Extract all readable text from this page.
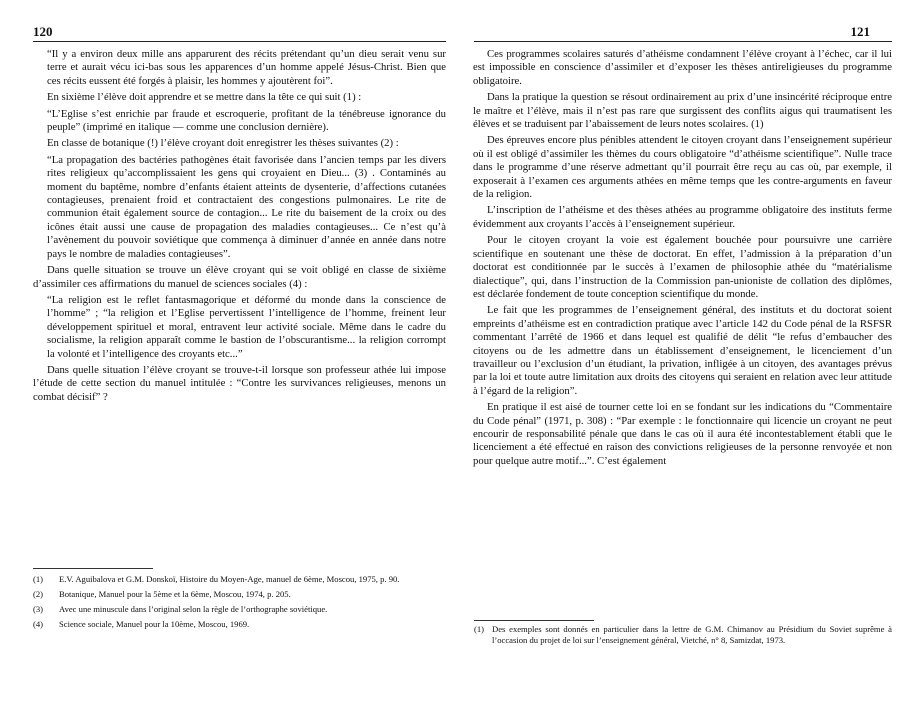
120

“Il y a environ deux mille ans apparurent des récits prétendant qu’un dieu serait venu sur terre et aurait vécu ici-bas sous les apparences d’un homme appelé Jésus-Christ. Bien que ces récits eussent été forgés à plaisir, les hommes y ajoutèrent foi”.

En sixième l’élève doit apprendre et se mettre dans la tête ce qui suit (1) :

“L’Eglise s’est enrichie par fraude et escroquerie, profitant de la ténébreuse ignorance du peuple” (imprimé en italique — comme une conclusion dernière).

En classe de botanique (!) l’élève croyant doit enregistrer les thèses suivantes (2) :

“La propagation des bactéries pathogènes était favorisée dans l’ancien temps par les divers rites religieux qu’accomplissaient les gens qui croyaient en Dieu... (3) . Contaminés au moment du baptême, nombre d’enfants étaient atteints de dysenterie, d’affections cutanées contagieuses, prenaient froid et contractaient des congestions pulmonaires. Le rite de communion était également source de contagion... Le rite du baisement de la croix ou des icônes était aussi une cause de propagation des maladies contagieuses... Ce n’est qu’à l’avènement du pouvoir soviétique que commença à diminuer d’année en année dans notre pays le nombre de maladies contagieuses”.

Dans quelle situation se trouve un élève croyant qui se voit obligé en classe de sixième d’assimiler ces affirmations du manuel de sciences sociales (4) :

“La religion est le reflet fantasmagorique et déformé du monde dans la conscience de l’homme” ; “la religion et l’Eglise pervertissent l’intelligence de l’homme, freinent leur développement spirituel et moral, entravent leur activité sociale. Même dans le cadre du socialisme, la religion apparaît comme le bastion de l’obscurantisme... la religion corrompt la volonté et l’intelligence des croyants etc...”

Dans quelle situation l’élève croyant se trouve-t-il lorsque son professeur athée lui impose l’étude de cette section du manuel intitulée : “Contre les survivances religieuses, menons un combat décisif” ?

(1)	E.V. Aguibalova et G.M. Donskoï, Histoire du Moyen-Age, manuel de 6ème, Moscou, 1975, p. 90.
(2)	Botanique, Manuel pour la 5ème et la 6ème, Moscou, 1974, p. 205.
(3)	Avec une minuscule dans l’original selon la règle de l’orthographe soviétique.
(4)	Science sociale, Manuel pour la 10ème, Moscou, 1969.
121

Ces programmes scolaires saturés d’athéisme condamnent l’élève croyant à l’échec, car il lui est impossible en conscience d’assimiler et d’exposer les thèses antireligieuses du programme obligatoire.

Dans la pratique la question se résout ordinairement au prix d’une insincérité réciproque entre le maître et l’élève, mais il n’est pas rare que surgissent des conflits aigus qui traumatisent les élèves et se traduisent par l’abaissement de leurs notes scolaires. (1)

Des épreuves encore plus pénibles attendent le citoyen croyant dans l’enseignement supérieur où il est obligé d’assimiler les thèmes du cours obligatoire “d’athéisme scientifique”. Nulle trace dans le programme d’une réserve admettant qu’il pourrait être reçu au cas où, par exemple, il exposerait à l’examen ces arguments athées en même temps que les contre-arguments en faveur de la religion.

L’inscription de l’athéisme et des thèses athées au programme obligatoire des instituts ferme évidemment aux croyants l’accès à l’enseignement supérieur.

Pour le citoyen croyant la voie est également bouchée pour poursuivre une carrière scientifique en soutenant une thèse de doctorat. En effet, l’admission à la préparation d’un doctorat est conditionnée par le succès à l’examen de philosophie athée du “matérialisme dialectique”, qui, dans l’instruction de la Commission pan-unioniste de collation des diplômes, est déclarée fondement de toute conception scientifique du monde.

Le fait que les programmes de l’enseignement général, des instituts et du doctorat soient empreints d’athéisme est en contradiction pratique avec l’article 142 du Code pénal de la RSFSR commentant l’arrêté de 1966 et dans lequel est qualifié de délit “le refus d’embaucher des citoyens ou de les admettre dans un établissement d’enseignement, le licenciement d’un travailleur ou l’exclusion d’un étudiant, la privation, infligée à un citoyen, des avantages prévus par la loi et toute autre limitation aux droits des citoyens qui seraient en relation avec leur attitude à l’égard de la religion”.

En pratique il est aisé de tourner cette loi en se fondant sur les indications du “Commentaire du Code pénal” (1971, p. 308) : “Par exemple : le fonctionnaire qui licencie un croyant ne peut encourir de responsabilité pénale que dans le cas où il aura été incontestablement établi que le licenciement a été effectué en raison des convictions religieuses de la personne renvoyée et non pour quelque autre motif...”. C’est également

(1) Des exemples sont donnés en particulier dans la lettre de G.M. Chimanov au Présidium du Soviet suprême à l’occasion du projet de loi sur l’enseignement général, Vietché, n° 8, Samizdat, 1973.
